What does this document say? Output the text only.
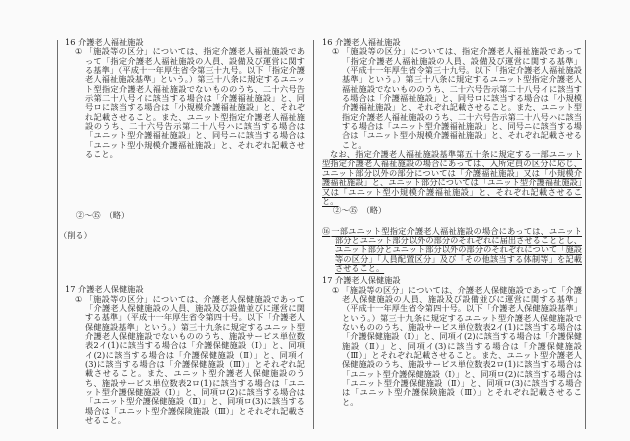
16 介護老人福祉施設
① 「施設等の区分」については、指定介護老人福祉施設であって「指定介護老人福祉施設の人員、設備及び運営に関する基準」（平成十一年厚生省令第三十九号。以下「指定介護老人福祉施設基準」という。）第三十八条に規定するユニット型指定介護老人福祉施設でないもののうち、二十六号告示第二十八号イに該当する場合は「介護福祉施設」と、同号ロに該当する場合は「小規模介護福祉施設」と、それぞれ記載させること。また、ユニット型指定介護老人福祉施設のうち、二十六号告示第二十八号ハに該当する場合は「ユニット型介護福祉施設」と、同号ニに該当する場合は「ユニット型小規模介護福祉施設」と、それぞれ記載させること。
②～⑮　（略）
（削る）
17 介護老人保健施設
① 「施設等の区分」については、介護老人保健施設であって「介護老人保健施設の人員、施設及び設備並びに運営に関する基準」（平成十一年厚生省令第四十号。以下「介護老人保健施設基準」という。）第三十九条に規定するユニット型介護老人保健施設でないもののうち、施設サービス単位数表2イ(1)に該当する場合は「介護保健施設（Ⅰ）」と、同項イ(2)に該当する場合は「介護保健施設（Ⅱ）」と、同項イ(3)に該当する場合は「介護保健施設（Ⅲ）」とそれぞれ記載させること。また、ユニット型介護老人保健施設のうち、施設サービス単位数表2ロ(1)に該当する場合は「ユニット型介護保健施設（Ⅰ）」と、同項ロ(2)に該当する場合は「ユニット型介護保健施設（Ⅱ）」と、同項ロ(3)に該当する場合は「ユニット型介護保険施設（Ⅲ）」とそれぞれ記載させること。
16 介護老人福祉施設
① 「施設等の区分」については、指定介護老人福祉施設であって「指定介護老人福祉施設の人員、設備及び運営に関する基準」（平成十一年厚生省令第三十九号。以下「指定介護老人福祉施設基準」という。）第三十八条に規定するユニット型指定介護老人福祉施設でないもののうち、二十六号告示第二十八号イに該当する場合は「介護福祉施設」と、同号ロに該当する場合は「小規模介護福祉施設」と、それぞれ記載させること。また、ユニット型指定介護老人福祉施設のうち、二十六号告示第二十八号ハに該当する場合は「ユニット型介護福祉施設」と、同号ニに該当する場合は「ユニット型小規模介護福祉施設」と、それぞれ記載させること。
なお、指定介護老人福祉施設基準第五十条に規定する一部ユニット型指定介護老人福祉施設の場合にあっては、入所定員の区分に応じ、ユニット部分以外の部分については「介護福祉施設」又は「小規模介護福祉施設」と、ユニット部分については「ユニット型介護福祉施設」又は「ユニット型小規模介護福祉施設」と、それぞれ記載させること。
②～⑮　（略）
⑯一部ユニット型指定介護老人福祉施設の場合にあっては、ユニット部分とユニット部分以外の部分のそれぞれに届出させることとし、ユニット部分とユニット部分以外の部分のそれぞれについて「施設等の区分」「人員配置区分」及び「その他該当する体制等」を記載させること。
17 介護老人保健施設
① 「施設等の区分」については、介護老人保健施設であって「介護老人保健施設の人員、施設及び設備並びに運営に関する基準」（平成十一年厚生省令第四十号。以下「介護老人保健施設基準」という。）第三十九条に規定するユニット型介護老人保健施設でないもののうち、施設サービス単位数表2イ(1)に該当する場合は「介護保健施設（Ⅰ）」と、同項イ(2)に該当する場合は「介護保健施設（Ⅱ）」と、同項イ(3)に該当する場合は「介護保健施設（Ⅲ）」とそれぞれ記載させること。また、ユニット型介護老人保健施設のうち、施設サービス単位数表2ロ(1)に該当する場合は「ユニット型介護保健施設（Ⅰ）」と、同項ロ(2)に該当する場合は「ユニット型介護保健施設（Ⅱ）」と、同項ロ(3)に該当する場合は「ユニット型介護保険施設（Ⅲ）」とそれぞれ記載させること。
